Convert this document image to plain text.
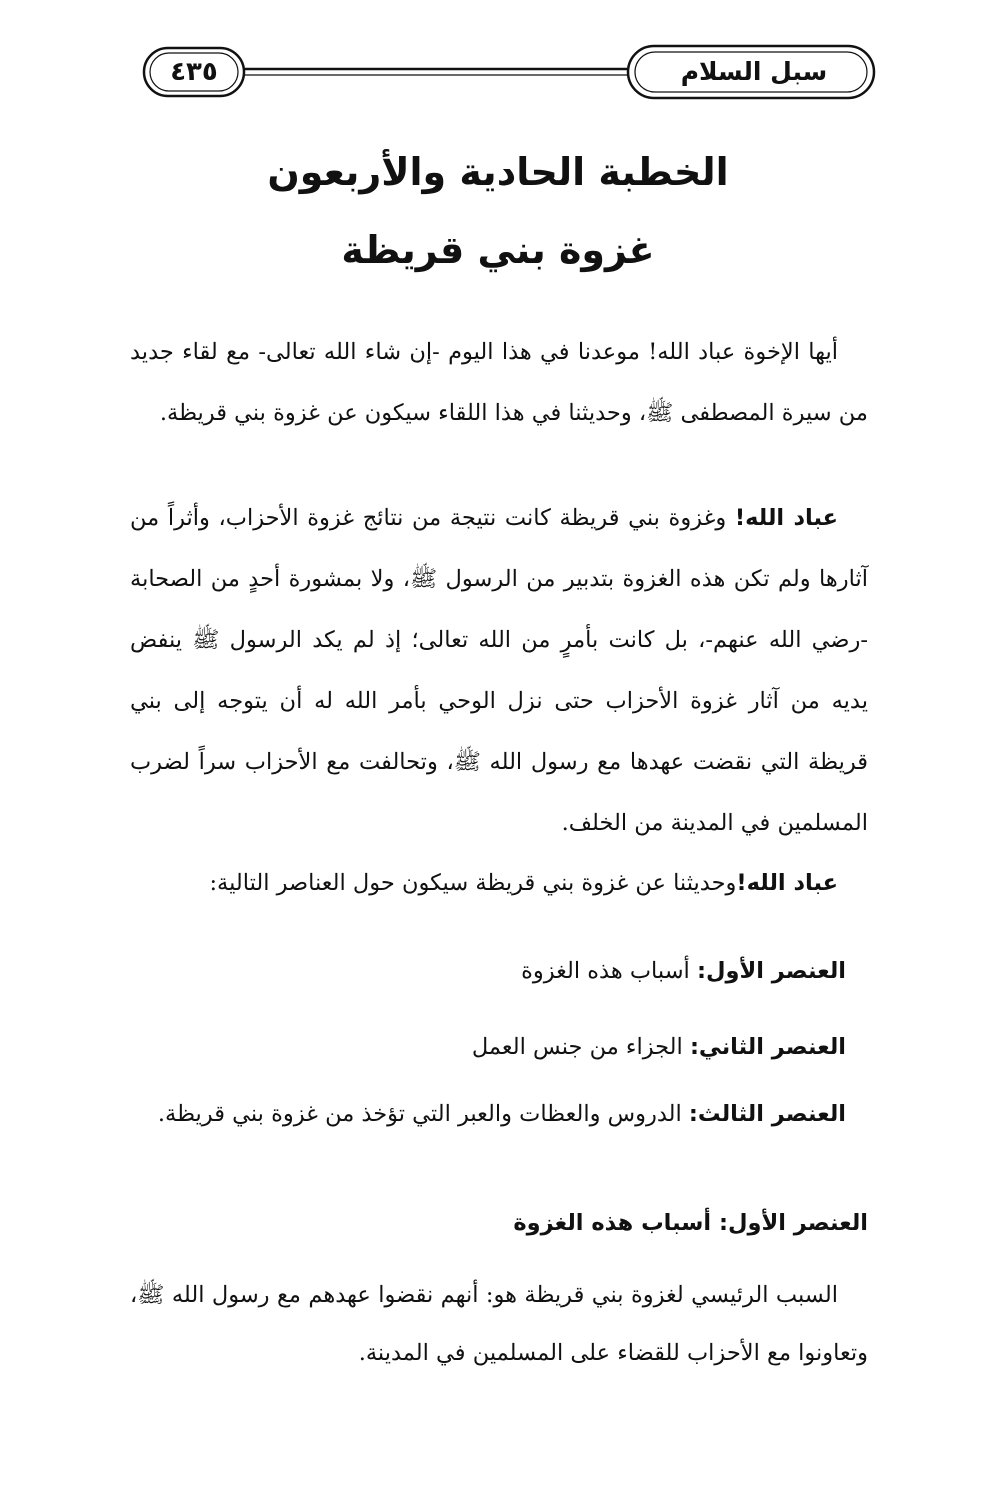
٤٣٥	سبل السلام
الخطبة الحادية والأربعون
غزوة بني قريظة

أيها الإخوة عباد الله! موعدنا في هذا اليوم -إن شاء الله تعالى- مع لقاء جديد من سيرة المصطفى ﷺ، وحديثنا في هذا اللقاء سيكون عن غزوة بني قريظة.

عباد الله! وغزوة بني قريظة كانت نتيجة من نتائج غزوة الأحزاب، وأثراً من آثارها ولم تكن هذه الغزوة بتدبير من الرسول ﷺ، ولا بمشورة أحدٍ من الصحابة -رضي الله عنهم-، بل كانت بأمرٍ من الله تعالى؛ إذ لم يكد الرسول ﷺ ينفض يديه من آثار غزوة الأحزاب حتى نزل الوحي بأمر الله له أن يتوجه إلى بني قريظة التي نقضت عهدها مع رسول الله ﷺ، وتحالفت مع الأحزاب سراً لضرب المسلمين في المدينة من الخلف.

عباد الله!وحديثنا عن غزوة بني قريظة سيكون حول العناصر التالية:

العنصر الأول: أسباب هذه الغزوة
العنصر الثاني: الجزاء من جنس العمل
العنصر الثالث: الدروس والعظات والعبر التي تؤخذ من غزوة بني قريظة.
العنصر الأول: أسباب هذه الغزوة

السبب الرئيسي لغزوة بني قريظة هو: أنهم نقضوا عهدهم مع رسول الله ﷺ، وتعاونوا مع الأحزاب للقضاء على المسلمين في المدينة.
